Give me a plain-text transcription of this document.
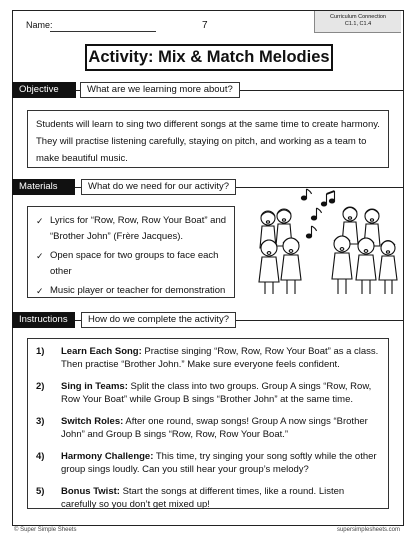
Name:	7
Curriculum Connection
C1.1, C1.4
Activity: Mix & Match Melodies
Objective	What are we learning more about?
Students will learn to sing two different songs at the same time to create harmony. They will practise listening carefully, staying on pitch, and working as a team to make beautiful music.
Materials	What do we need for our activity?
✓ Lyrics for “Row, Row, Row Your Boat” and “Brother John” (Frère Jacques).
✓ Open space for two groups to face each other
✓ Music player or teacher for demonstration
Instructions	How do we complete the activity?
1)	Learn Each Song: Practise singing “Row, Row, Row Your Boat” as a class. Then practise “Brother John.” Make sure everyone feels confident.
2)	Sing in Teams: Split the class into two groups. Group A sings “Row, Row, Row Your Boat” while Group B sings “Brother John” at the same time.
3)	Switch Roles: After one round, swap songs! Group A now sings “Brother John” and Group B sings “Row, Row, Row Your Boat.”
4)	Harmony Challenge: This time, try singing your song softly while the other group sings loudly. Can you still hear your group’s melody?
5)	Bonus Twist: Start the songs at different times, like a round. Listen carefully so you don’t get mixed up!
© Super Simple Sheets	supersimplesheets.com
